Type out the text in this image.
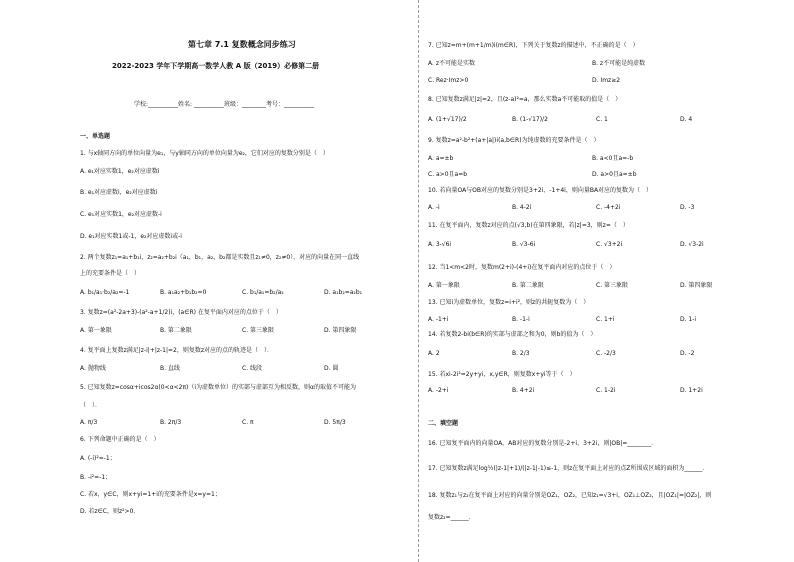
第七章 7.1 复数概念同步练习
2022-2023 学年下学期高一数学人教 A 版（2019）必修第二册
学校:__________姓名: __________班级：________考号：__________
一、单选题
1. 与x轴同方向的单位向量为e₁，与y轴同方向的单位向量为e₂，它们对应的复数分别是（　）
A. e₁对应实数1，e₂对应虚数i
B. e₁对应虚数i，e₂对应虚数i
C. e₁对应实数1，e₂对应虚数-i
D. e₁对应实数1或-1，e₂对应虚数i或-i
2. 两个复数z₁=a₁+b₁i，z₂=a₂+b₂i（a₁，b₁，a₂，b₂都是实数且z₁≠0，z₂≠0），对应的向量在同一直线
上的充要条件是（　）
A. b₁/a₁·b₂/a₂=-1	B. a₁a₂+b₁b₂=0	C. b₁/a₁=b₂/a₂	D. a₁b₂=a₂b₁
3. 复数z=(a²-2a+3)-(a²-a+1/2)i，(a∈R) 在复平面内对应的点位于（　）
A. 第一象限	B. 第二象限	C. 第三象限	D. 第四象限
4. 复平面上复数z满足|z-i|+|z-1|=2，则复数z对应的点的轨迹是（　）．
A. 抛物线	B. 直线	C. 线段	D. 圆
5. 已知复数z=cosα+icos2α(0<α<2π)（i为虚数单位）的实部与虚部互为相反数，则α的取值不可能为
（　）．
A. π/3	B. 2π/3	C. π	D. 5π/3
6. 下列命题中正确的是（　）
A. (-i)²=-1；
B. -i²=-1；
C. 若x，y∈C，则x+yi=1+i的充要条件是x=y=1；
D. 若z∈C，则z²>0．
7. 已知z=m+(m+1/m)i(m∈R)，下列关于复数z的描述中，不正确的是（　）
A. z不可能是实数	B. z不可能是纯虚数
C. Rez·Imz>0	D. Imz≥2
8. 已知复数z满足|z|=2，且(z-a)²=a，那么实数a不可能取的值是（　）
A. (1+√17)/2	B. (1-√17)/2	C. 1	D. 4
9. 复数z=a²-b²+(a+|a|)i(a,b∈R)为纯虚数的充要条件是（　）
A. a=±b	B. a<0且a=-b
C. a>0且a=b	D. a>0且a=±b
10. 若向量OA与OB对应的复数分别是3+2i、-1+4i，则向量BA对应的复数为（　）
A. -i	B. 4-2i	C. -4+2i	D. -3
11. 在复平面内，复数z对应的点(√3,b)在第四象限，若|z|=3，则z=（　）
A. 3-√6i	B. √3-6i	C. √3+2i	D. √3-2i
12. 当1<m<2时，复数m(2+i)-(4+i)在复平面内对应的点位于（　）
A. 第一象限	B. 第二象限	C. 第三象限	D. 第四象限
13. 已知i为虚数单位，复数z=i+i²，则z的共轭复数为（　）
A. -1+i	B. -1-i	C. 1+i	D. 1-i
14. 若复数2-bi(b∈R)的实部与虚部之和为0，则b的值为（　）
A. 2	B. 2/3	C. -2/3	D. -2
15. 若xi-2i²=2y+yi，x,y∈R，则复数x+yi等于（　）
A. -2+i	B. 4+2i	C. 1-2i	D. 1+2i
二、填空题
16. 已知复平面内的向量OA，AB对应的复数分别是-2+i，3+2i，则|OB|=________．
17. 已知复数z满足log½(|z-1|+1)/(|z-1|-1)≤-1，则z在复平面上对应的点Z所围成区域的面积为______．
18. 复数z₁与z₂在复平面上对应的向量分别是OZ₁，OZ₂，已知z₁=√3+i，OZ₁⊥OZ₂，且|OZ₁|=|OZ₂|，则
复数z₂=______．
